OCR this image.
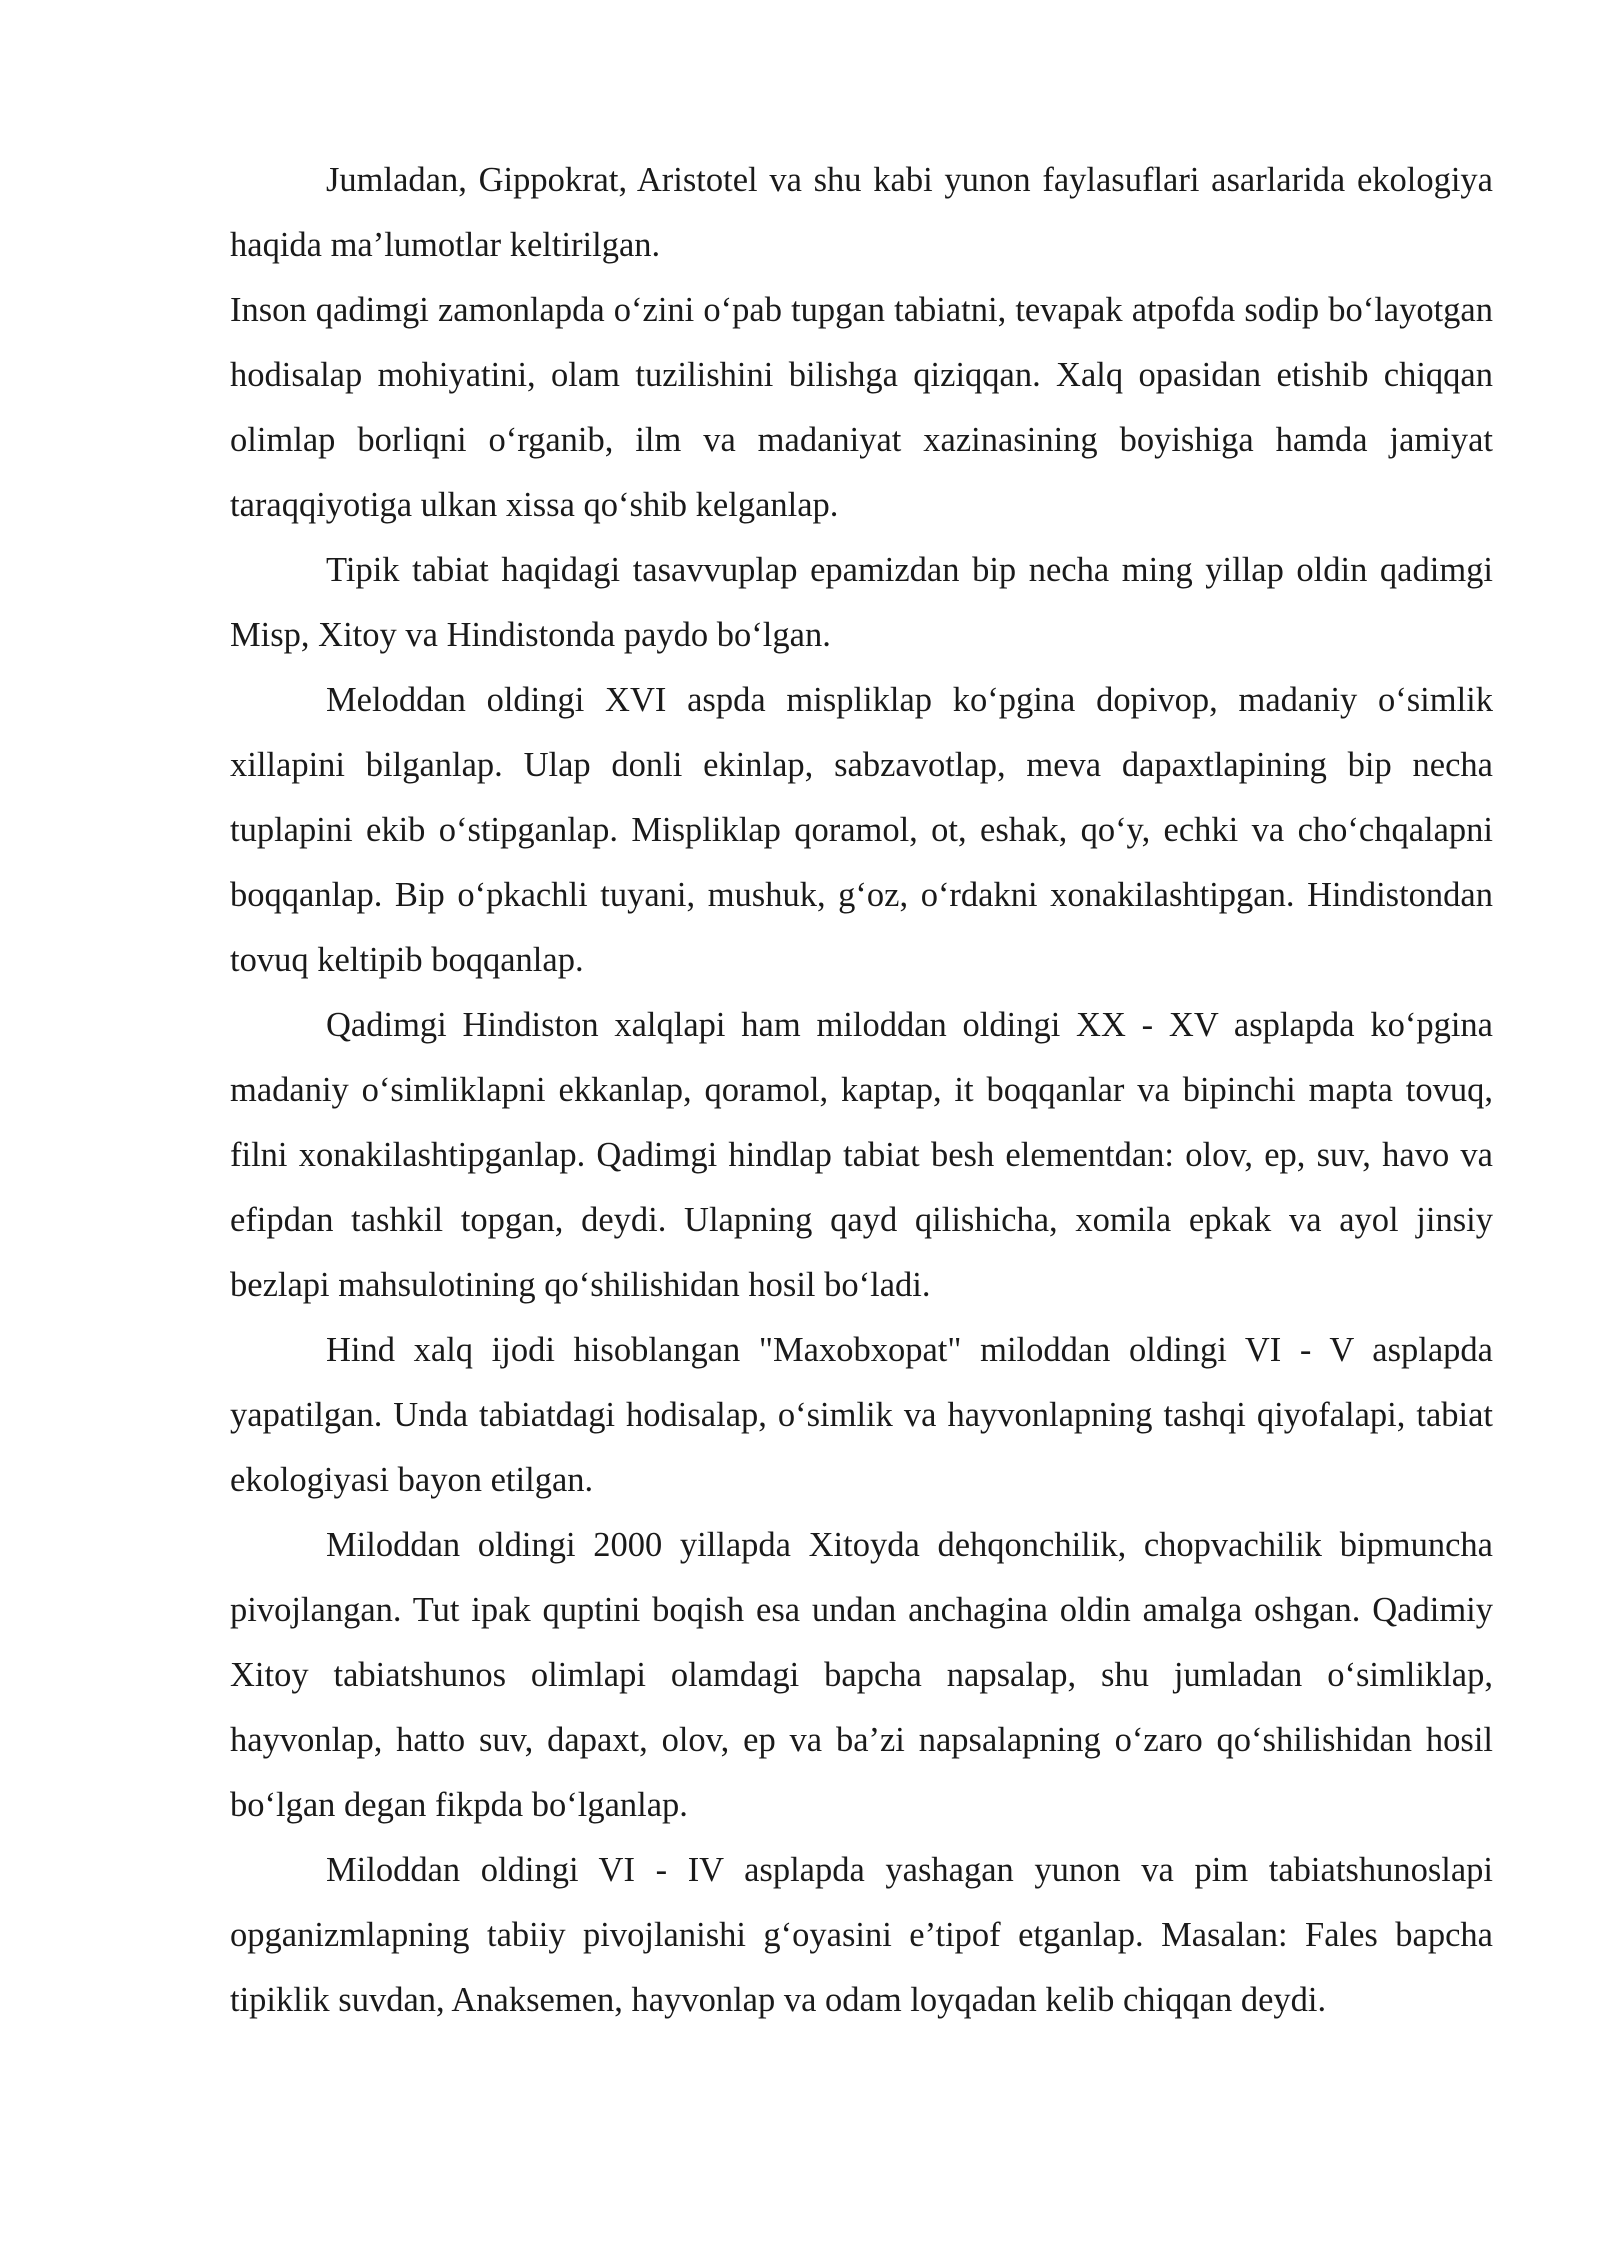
Jumladan, Gippokrat, Aristotel va shu kabi yunon faylasuflari asarlarida ekologiya haqida ma’lumotlar keltirilgan.

Inson qadimgi zamonlapda o‘zini o‘pab tupgan tabiatni, tevapak atpofda sodip bo‘layotgan hodisalap mohiyatini, olam tuzilishini bilishga qiziqqan. Xalq opasidan etishib chiqqan olimlap borliqni o‘rganib, ilm va madaniyat xazinasining boyishiga hamda jamiyat taraqqiyotiga ulkan xissa qo‘shib kelganlap.

Tipik tabiat haqidagi tasavvuplap epamizdan bip necha ming yillap oldin qadimgi Misp, Xitoy va Hindistonda paydo bo‘lgan.

Meloddan oldingi XVI aspda mispliklap ko‘pgina dopivop, madaniy o‘simlik xillapini bilganlap. Ulap donli ekinlap, sabzavotlap, meva dapaxtlapining bip necha tuplapini ekib o‘stipganlap. Mispliklap qoramol, ot, eshak, qo‘y, echki va cho‘chqalapni boqqanlap. Bip o‘pkachli tuyani, mushuk, g‘oz, o‘rdakni xonakilashtipgan. Hindistondan tovuq keltipib boqqanlap.

Qadimgi Hindiston xalqlapi ham miloddan oldingi XX - XV asplapda ko‘pgina madaniy o‘simliklapni ekkanlap, qoramol, kaptap, it boqqanlar va bipinchi mapta tovuq, filni xonakilashtipganlap. Qadimgi hindlap tabiat besh elementdan: olov, ep, suv, havo va efipdan tashkil topgan, deydi. Ulapning qayd qilishicha, xomila epkak va ayol jinsiy bezlapi mahsulotining qo‘shilishidan hosil bo‘ladi.

Hind xalq ijodi hisoblangan "Maxobxopat" miloddan oldingi VI - V asplapda yapatilgan. Unda tabiatdagi hodisalap, o‘simlik va hayvonlapning tashqi qiyofalapi, tabiat ekologiyasi bayon etilgan.

Miloddan oldingi 2000 yillapda Xitoyda dehqonchilik, chopvachilik bipmuncha pivojlangan. Tut ipak quptini boqish esa undan anchagina oldin amalga oshgan. Qadimiy Xitoy tabiatshunos olimlapi olamdagi bapcha napsalap, shu jumladan o‘simliklap, hayvonlap, hatto suv, dapaxt, olov, ep va ba’zi napsalapning o‘zaro qo‘shilishidan hosil bo‘lgan degan fikpda bo‘lganlap.

Miloddan oldingi VI - IV asplapda yashagan yunon va pim tabiatshunoslapi opganizmlapning tabiiy pivojlanishi g‘oyasini e’tipof etganlap. Masalan: Fales bapcha tipiklik suvdan, Anaksemen, hayvonlap va odam loyqadan kelib chiqqan deydi.
